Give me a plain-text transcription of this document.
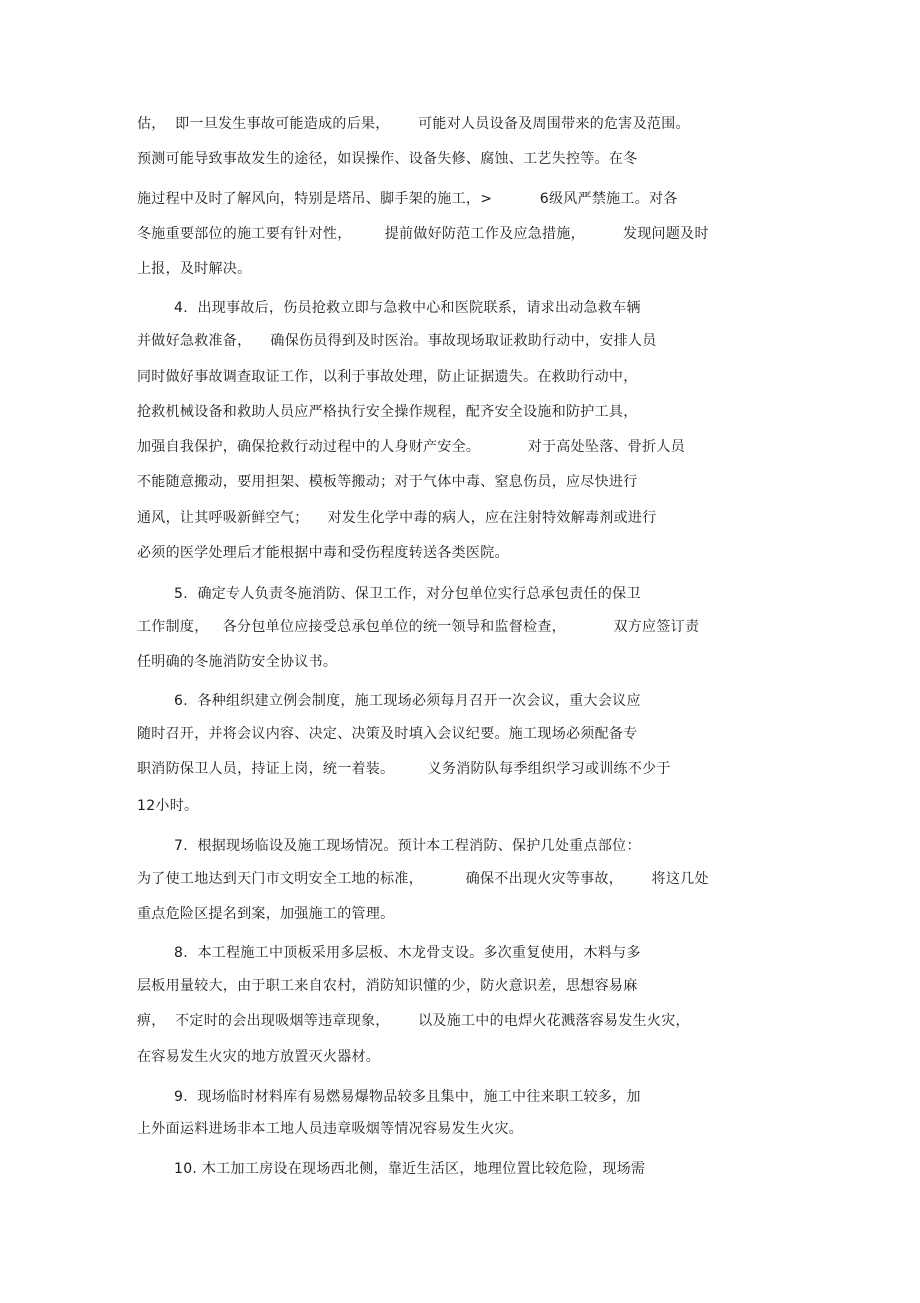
估，  即一旦发生事故可能造成的后果，      可能对人员设备及周围带来的危害及范围。
预测可能导致事故发生的途径，如误操作、设备失修、腐蚀、工艺失控等。在冬
施过程中及时了解风向，特别是塔吊、脚手架的施工，>          6级风严禁施工。对各
冬施重要部位的施工要有针对性，       提前做好防范工作及应急措施，        发现问题及时
上报，及时解决。
4.  出现事故后，伤员抢救立即与急救中心和医院联系，请求出动急救车辆
并做好急救准备，    确保伤员得到及时医治。事故现场取证救助行动中，安排人员
同时做好事故调查取证工作，以利于事故处理，防止证据遗失。在救助行动中，
抢救机械设备和救助人员应严格执行安全操作规程，配齐安全设施和防护工具，
加强自我保护，确保抢救行动过程中的人身财产安全。          对于高处坠落、骨折人员
不能随意搬动，要用担架、模板等搬动；对于气体中毒、窒息伤员，应尽快进行
通风，让其呼吸新鲜空气；    对发生化学中毒的病人，应在注射特效解毒剂或进行
必须的医学处理后才能根据中毒和受伤程度转送各类医院。
5.  确定专人负责冬施消防、保卫工作，对分包单位实行总承包责任的保卫
工作制度，   各分包单位应接受总承包单位的统一领导和监督检查，          双方应签订责
任明确的冬施消防安全协议书。
6.  各种组织建立例会制度，施工现场必须每月召开一次会议，重大会议应
随时召开，并将会议内容、决定、决策及时填入会议纪要。施工现场必须配备专
职消防保卫人员，持证上岗，统一着装。       义务消防队每季组织学习或训练不少于
12小时。
7.  根据现场临设及施工现场情况。预计本工程消防、保护几处重点部位：
为了使工地达到天门市文明安全工地的标准，         确保不出现火灾等事故，      将这几处
重点危险区提名到案，加强施工的管理。
8.  本工程施工中顶板采用多层板、木龙骨支设。多次重复使用，木料与多
层板用量较大，由于职工来自农村，消防知识懂的少，防火意识差，思想容易麻
痹，  不定时的会出现吸烟等违章现象，      以及施工中的电焊火花溅落容易发生火灾，
在容易发生火灾的地方放置灭火器材。
9.  现场临时材料库有易燃易爆物品较多且集中，施工中往来职工较多，加
上外面运料进场非本工地人员违章吸烟等情况容易发生火灾。
10. 木工加工房设在现场西北侧，靠近生活区，地理位置比较危险，现场需
